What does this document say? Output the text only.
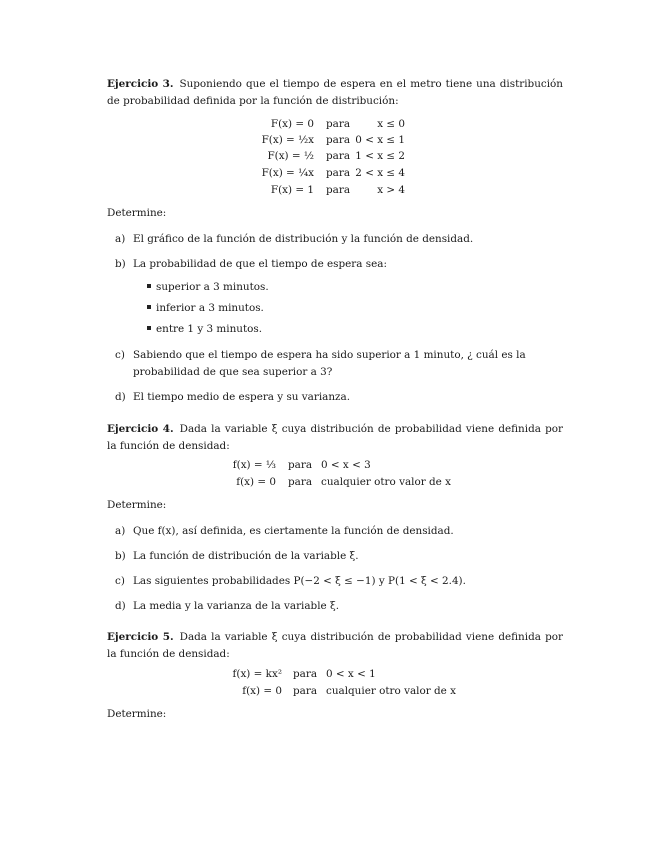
Ejercicio 3. Suponiendo que el tiempo de espera en el metro tiene una distribución de probabilidad definida por la función de distribución:
F(x) = 0 para	x ≤ 0
F(x) = ½x para 0 < x ≤ 1
F(x) = ½ para 1 < x ≤ 2
F(x) = ¼x para 2 < x ≤ 4
F(x) = 1 para	x > 4
Determine:
a) El gráfico de la función de distribución y la función de densidad.
b) La probabilidad de que el tiempo de espera sea:
superior a 3 minutos.
inferior a 3 minutos.
entre 1 y 3 minutos.
c) Sabiendo que el tiempo de espera ha sido superior a 1 minuto, ¿ cuál es la probabilidad de que sea superior a 3?
d) El tiempo medio de espera y su varianza.
Ejercicio 4. Dada la variable ξ cuya distribución de probabilidad viene definida por la función de densidad:
f(x) = ⅓ para 0 < x < 3
f(x) = 0 para cualquier otro valor de x
Determine:
a) Que f(x), así definida, es ciertamente la función de densidad.
b) La función de distribución de la variable ξ.
c) Las siguientes probabilidades P(−2 < ξ ≤ −1) y P(1 < ξ < 2.4).
d) La media y la varianza de la variable ξ.
Ejercicio 5. Dada la variable ξ cuya distribución de probabilidad viene definida por la función de densidad:
f(x) = kx² para 0 < x < 1
f(x) = 0 para cualquier otro valor de x
Determine:
